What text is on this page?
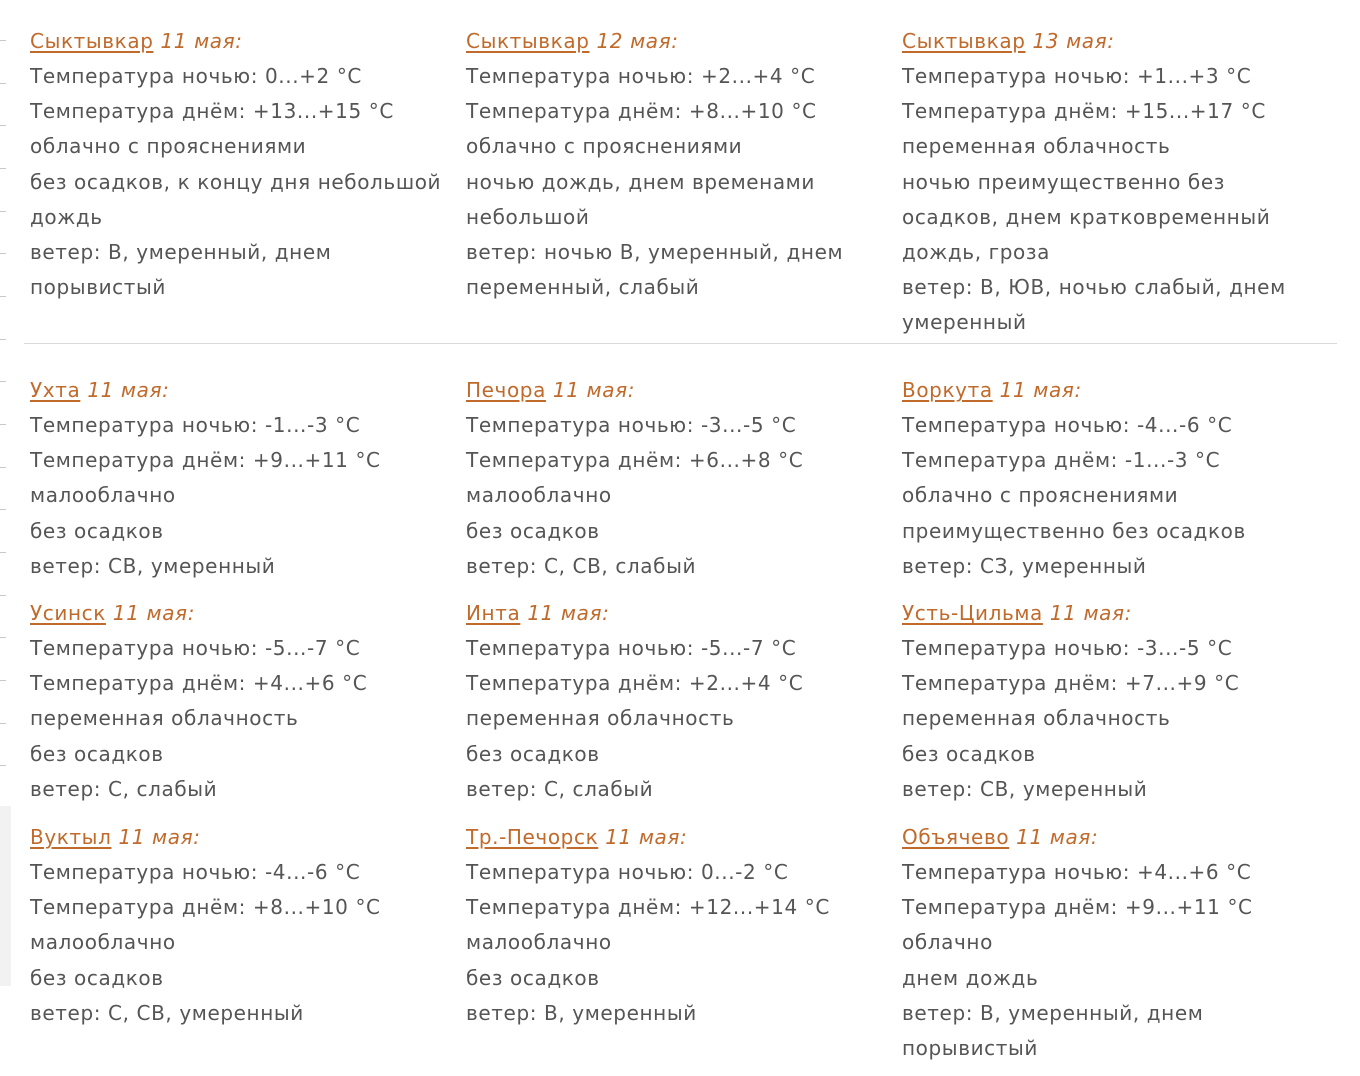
Сыктывкар 11 мая:
Температура ночью: 0...+2 °C
Температура днём: +13...+15 °C
облачно с прояснениями
без осадков, к концу дня небольшой дождь
ветер: В, умеренный, днем порывистый
Сыктывкар 12 мая:
Температура ночью: +2...+4 °C
Температура днём: +8...+10 °C
облачно с прояснениями
ночью дождь, днем временами небольшой
ветер: ночью В, умеренный, днем переменный, слабый
Сыктывкар 13 мая:
Температура ночью: +1...+3 °C
Температура днём: +15...+17 °C
переменная облачность
ночью преимущественно без осадков, днем кратковременный дождь, гроза
ветер: В, ЮВ, ночью слабый, днем умеренный
Ухта 11 мая:
Температура ночью: -1...-3 °C
Температура днём: +9...+11 °C
малооблачно
без осадков
ветер: СВ, умеренный
Печора 11 мая:
Температура ночью: -3...-5 °C
Температура днём: +6...+8 °C
малооблачно
без осадков
ветер: С, СВ, слабый
Воркута 11 мая:
Температура ночью: -4...-6 °C
Температура днём: -1...-3 °C
облачно с прояснениями
преимущественно без осадков
ветер: СЗ, умеренный
Усинск 11 мая:
Температура ночью: -5...-7 °C
Температура днём: +4...+6 °C
переменная облачность
без осадков
ветер: С, слабый
Инта 11 мая:
Температура ночью: -5...-7 °C
Температура днём: +2...+4 °C
переменная облачность
без осадков
ветер: С, слабый
Усть-Цильма 11 мая:
Температура ночью: -3...-5 °C
Температура днём: +7...+9 °C
переменная облачность
без осадков
ветер: СВ, умеренный
Вуктыл 11 мая:
Температура ночью: -4...-6 °C
Температура днём: +8...+10 °C
малооблачно
без осадков
ветер: С, СВ, умеренный
Тр.-Печорск 11 мая:
Температура ночью: 0...-2 °C
Температура днём: +12...+14 °C
малооблачно
без осадков
ветер: В, умеренный
Объячево 11 мая:
Температура ночью: +4...+6 °C
Температура днём: +9...+11 °C
облачно
днем дождь
ветер: В, умеренный, днем порывистый
